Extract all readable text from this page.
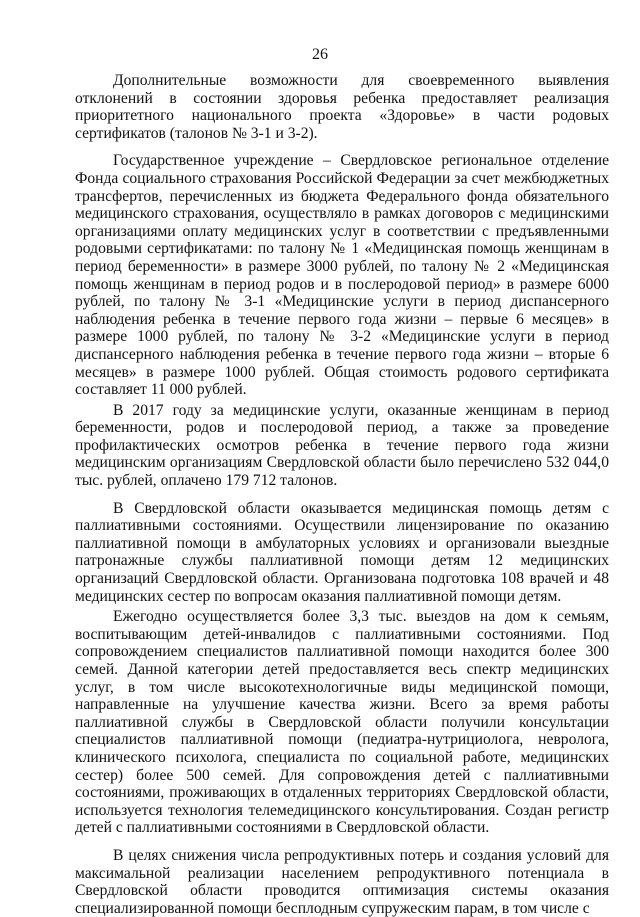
26

Дополнительные возможности для своевременного выявления отклонений в состоянии здоровья ребенка предоставляет реализация приоритетного национального проекта «Здоровье» в части родовых сертификатов (талонов № 3-1 и 3-2).

Государственное учреждение – Свердловское региональное отделение Фонда социального страхования Российской Федерации за счет межбюджетных трансфертов, перечисленных из бюджета Федерального фонда обязательного медицинского страхования, осуществляло в рамках договоров с медицинскими организациями оплату медицинских услуг в соответствии с предъявленными родовыми сертификатами: по талону № 1 «Медицинская помощь женщинам в период беременности» в размере 3000 рублей, по талону № 2 «Медицинская помощь женщинам в период родов и в послеродовой период» в размере 6000 рублей, по талону № 3-1 «Медицинские услуги в период диспансерного наблюдения ребенка в течение первого года жизни – первые 6 месяцев» в размере 1000 рублей, по талону № 3-2 «Медицинские услуги в период диспансерного наблюдения ребенка в течение первого года жизни – вторые 6 месяцев» в размере 1000 рублей. Общая стоимость родового сертификата составляет 11 000 рублей.

В 2017 году за медицинские услуги, оказанные женщинам в период беременности, родов и послеродовой период, а также за проведение профилактических осмотров ребенка в течение первого года жизни медицинским организациям Свердловской области было перечислено 532 044,0 тыс. рублей, оплачено 179 712 талонов.

В Свердловской области оказывается медицинская помощь детям с паллиативными состояниями. Осуществили лицензирование по оказанию паллиативной помощи в амбулаторных условиях и организовали выездные патронажные службы паллиативной помощи детям 12 медицинских организаций Свердловской области. Организована подготовка 108 врачей и 48 медицинских сестер по вопросам оказания паллиативной помощи детям.

Ежегодно осуществляется более 3,3 тыс. выездов на дом к семьям, воспитывающим детей-инвалидов с паллиативными состояниями. Под сопровождением специалистов паллиативной помощи находится более 300 семей. Данной категории детей предоставляется весь спектр медицинских услуг, в том числе высокотехнологичные виды медицинской помощи, направленные на улучшение качества жизни. Всего за время работы паллиативной службы в Свердловской области получили консультации специалистов паллиативной помощи (педиатра-нутрициолога, невролога, клинического психолога, специалиста по социальной работе, медицинских сестер) более 500 семей. Для сопровождения детей с паллиативными состояниями, проживающих в отдаленных территориях Свердловской области, используется технология телемедицинского консультирования. Создан регистр детей с паллиативными состояниями в Свердловской области.

В целях снижения числа репродуктивных потерь и создания условий для максимальной реализации населением репродуктивного потенциала в Свердловской области проводится оптимизация системы оказания специализированной помощи бесплодным супружеским парам, в том числе с
